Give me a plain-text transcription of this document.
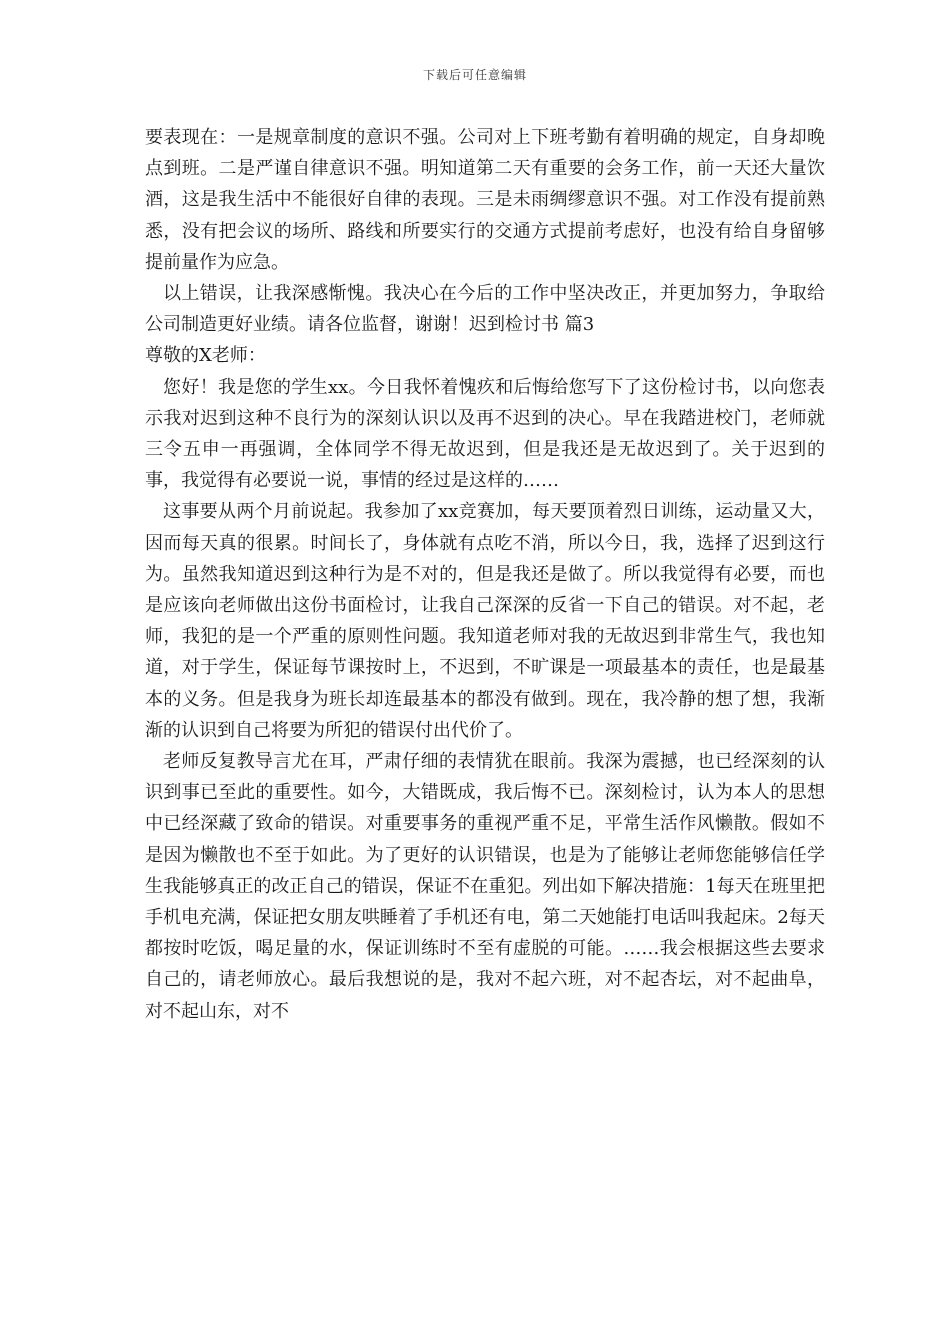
下载后可任意编辑

要表现在：一是规章制度的意识不强。公司对上下班考勤有着明确的规定，自身却晚点到班。二是严谨自律意识不强。明知道第二天有重要的会务工作，前一天还大量饮酒，这是我生活中不能很好自律的表现。三是未雨绸缪意识不强。对工作没有提前熟悉，没有把会议的场所、路线和所要实行的交通方式提前考虑好，也没有给自身留够提前量作为应急。

以上错误，让我深感惭愧。我决心在今后的工作中坚决改正，并更加努力，争取给公司制造更好业绩。请各位监督，谢谢！迟到检讨书 篇3

尊敬的X老师：

您好！我是您的学生xx。今日我怀着愧疚和后悔给您写下了这份检讨书，以向您表示我对迟到这种不良行为的深刻认识以及再不迟到的决心。早在我踏进校门，老师就三令五申一再强调，全体同学不得无故迟到，但是我还是无故迟到了。关于迟到的事，我觉得有必要说一说，事情的经过是这样的……

这事要从两个月前说起。我参加了xx竞赛加，每天要顶着烈日训练，运动量又大，因而每天真的很累。时间长了，身体就有点吃不消，所以今日，我，选择了迟到这行为。虽然我知道迟到这种行为是不对的，但是我还是做了。所以我觉得有必要，而也是应该向老师做出这份书面检讨，让我自己深深的反省一下自己的错误。对不起，老师，我犯的是一个严重的原则性问题。我知道老师对我的无故迟到非常生气，我也知道，对于学生，保证每节课按时上，不迟到，不旷课是一项最基本的责任，也是最基本的义务。但是我身为班长却连最基本的都没有做到。现在，我冷静的想了想，我渐渐的认识到自己将要为所犯的错误付出代价了。

老师反复教导言尤在耳，严肃仔细的表情犹在眼前。我深为震撼，也已经深刻的认识到事已至此的重要性。如今，大错既成，我后悔不已。深刻检讨，认为本人的思想中已经深藏了致命的错误。对重要事务的重视严重不足，平常生活作风懒散。假如不是因为懒散也不至于如此。为了更好的认识错误，也是为了能够让老师您能够信任学生我能够真正的改正自己的错误，保证不在重犯。列出如下解决措施：1每天在班里把手机电充满，保证把女朋友哄睡着了手机还有电，第二天她能打电话叫我起床。2每天都按时吃饭，喝足量的水，保证训练时不至有虚脱的可能。……我会根据这些去要求自己的，请老师放心。最后我想说的是，我对不起六班，对不起杏坛，对不起曲阜，对不起山东，对不
